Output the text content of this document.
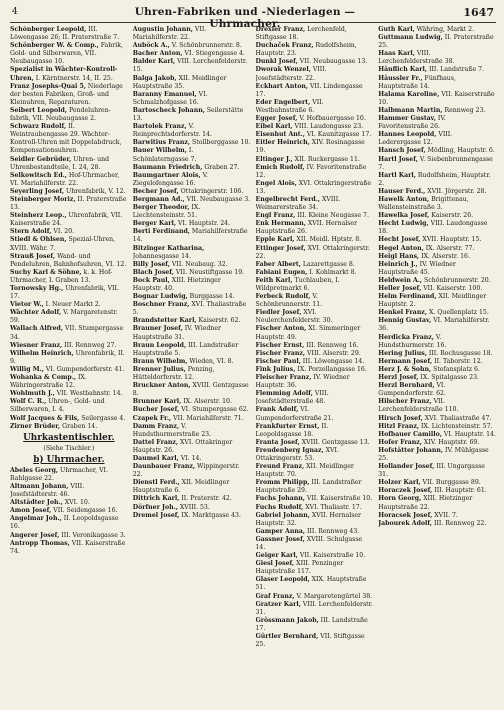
4	Uhren-Fabriken und -Niederlagen — Uhrmacher.
1647

Schönberger Leopold, III. Löwengasse 26; II. Praterstraße 7.

Schönberger W. & Comp., Fabrik, Gold- und Silberwaren, VII. Neubaugasse 10.

Spezialist in Wächter-Kontroll-Uhren, I. Kärntnerstr. 14, II. 25.

Franz Josephs-Quai 5, Niederlage der besten Fabriken, Groß- und Kleinuhren, Reparaturen.

Seibert Leopold, Pendeluhren-fabrik, VII. Neubaugasse 2.

Schwarz Rudolf, II. Weintraubengasse 29. Wächter-Kontroll-Uhren mit Doppelabdruck, Kompensationsuhren.

Seidler Gebrüder, Uhren- und Uhrenbestandteile, I. 24, 28.

Selkowitsch Ed., Hof-Uhrmacher, VI. Mariahilferstr. 22.

Seyerling Josef, Uhrenfabrik, V. 12.

Steinberger Moriz, II. Praterstraße 13.

Steinherz Leop., Uhrenfabrik, VII. Kaiserstraße 24.

Stern Adolf, VI. 20.

Stiedl & Ohlsen, Spezial-Uhren, XVIII. Währ. 7.

Strauß Josef, Wand- und Pendeluhren, Bahnhofsuhren, VI. 12.

Suchy Karl & Söhne, k. k. Hof-Uhrmacher, I. Graben 13.

Tornowsky Hg., Uhrenfabrik, VII. 17.

Vietor W., I. Neuer Markt 2.

Wächter Adolf, V. Margaretenstr. 59.

Wallach Alfred, VII. Stumpergasse 34.

Wiesner Franz, III. Rennweg 27.

Wilhelm Heinrich, Uhrenfabrik, II. 9.

Willig M., VI. Gumpendorferstr. 41.

Wohanka & Comp., IX. Währingerstraße 12.

Wohlmuth J., VII. Westbahnstr. 14.

Wolf C. R., Uhren-, Gold- und Silberwaren, I. 4.

Wolf Jacques & Fils, Seilergasse 4.

Zirner Brüder, Graben 14.

Uhrkastentischler.
(Siehe Tischler.)
b) Uhrmacher.

Abeles Georg, Uhrmacher, VI. Rahlgasse 22.

Altmann Johann, VIII. Josefstädterstr. 46.

Altstädter Joh., XVI. 10.

Amon Josef, VII. Seidengasse 16.

Angelmar Joh., II. Leopoldsgasse 16.

Angerer Josef, III. Veronikagasse 3.

Antropp Thomas, VII. Kaiserstraße 74.

Augustin Johann, VII. Mariahilferstr. 22.

Auböck A., V. Schönbrunnerstr. 8.

Bacher Anton, VI. Stiegengasse 4.

Balder Karl, VIII. Lerchenfelderstr. 15.

Balga Jakob, XII. Meidlinger Hauptstraße 35.

Baranny Emanuel, VI. Schmalzhofgasse 16.

Bartoscheck Johann, Seilerstätte 13.

Bartolek Franz, V. Reinprechtsdorferstr. 14.

Barwitius Franz, Stollberggasse 10.

Bauer Wilhelm, I. Schönlaterngasse 7.

Baumann Friedrich, Graben 27.

Baumgartner Alois, V. Ziegelofengasse 16.

Becher Josef, Ottakringerstr. 106.

Bergmann Ad., VII. Neubaugasse 3.

Berger Theodor, IX. Liechtensteinstr. 51.

Berger Karl, VI. Hauptstr. 24.

Berti Ferdinand, Mariahilferstraße 14.

Bitzinger Katharina, Johannesgasse 14.

Billy Josef, VII. Neubaug. 32.

Blach Josef, VII. Neustiftgasse 19.

Bock Paul, XIII. Hietzinger Hauptstr. 40.

Bognar Ludwig, Burggasse 14.

Boschner Franz, XVI. Thaliastraße 5.

Brandstetter Karl, Kaiserstr. 62.

Brauner Josef, IV. Wiedner Hauptstraße 31.

Braun Leopold, III. Landstraßer Hauptstraße 5.

Braun Wilhelm, Wieden, VI. 8.

Brenner Julius, Penzing, Hütteldorferstr. 12.

Bruckner Anton, XVIII. Gentzgasse 8.

Brunner Karl, IX. Alserstr. 10.

Bucher Josef, VI. Stumpergasse 62.

Czapek Fr., VII. Mariahilferstr. 71.

Damm Franz, V. Hundsthurmerstraße 23.

Dattel Franz, XVI. Ottakringer Hauptstr. 26.

Daumel Karl, VI. 14.

Daunbauer Franz, Wippingerstr. 22.

Dienstl Ferd., XII. Meidlinger Hauptstraße 6.

Dittrich Karl, II. Praterstr. 42.

Dörfner Joh., XVIII. 53.

Dremel Josef, IX. Marktgasse 43.

Drexler Franz, Lerchenfeld, Stiftgasse 18.

Duchaček Franz, Rudolfsheim, Hauptstr. 23.

Dunkl Josef, VII. Neubaugasse 13.

Dworak Wenzel, VIII. Josefstädterstr. 22.

Eckhart Anton, VII. Lindengasse 17.

Eder Engelbert, VII. Westbahnstraße 6.

Egger Josef, V. Hofbauergasse 10.

Eibel Karl, VIII. Laudongasse 23.

Eisenhut Ant., VI. Kaunitzgasse 17.

Eitler Heinrich, XIV. Rosinagasse 19.

Eltinger J., XII. Ruckergasse 11.

Emich Rudolf, IV. Favoritenstraße 12.

Engel Alois, XVI. Ottakringerstraße 13.

Engelbrecht Ferd., XVIII. Weimarerstraße 34.

Engl Franz, III. Kleine Neugasse 7.

Enk Hermann, XVII. Hernalser Hauptstraße 26.

Epple Karl, XII. Meidl. Hptstr. 8.

Ettinger Josef, XVI. Ottakringerstr. 22.

Faber Albert, Lazarettgasse 8.

Fabiani Eugen, I. Kohlmarkt 8.

Feith Karl, Tuchlauben, I. Wildpretmarkt 6.

Ferbeck Rudolf, V. Schönbrunnerstr. 11.

Fiedler Josef, XVI. Neulerchenfelderstr. 30.

Fischer Anton, XI. Simmeringer Hauptstr. 49.

Fischer Ernst, III. Rennweg 16.

Fischer Franz, VIII. Alserstr. 29.

Fischer Paul, III. Löwengasse 14.

Fink Julius, IX. Porzellangasse 16.

Fleischer Franz, IV. Wiedner Hauptstr. 36.

Flemming Adolf, VIII. Josefstädterstraße 48.

Frank Adolf, VI. Gumpendorferstraße 21.

Frankfurter Ernst, II. Leopoldsgasse 18.

Franta Josef, XVIII. Gentzgasse 13.

Freudenberg Ignaz, XVI. Ottakringerstr. 53.

Freund Franz, XII. Meidlinger Hauptstr. 70.

Fromm Philipp, III. Landstraßer Hauptstraße 29.

Fuchs Johann, VII. Kaiserstraße 10.

Fuchs Rudolf, XVI. Thaliastr. 17.

Gabriel Johann, XVII. Hernalser Hauptstr. 32.

Gamper Anna, III. Rennweg 43.

Gassner Josef, XVIII. Schulgasse 14.

Geiger Karl, VII. Kaiserstraße 10.

Giesl Josef, XIII. Penzinger Hauptstraße 117.

Glaser Leopold, XIX. Hauptstraße 51.

Graf Franz, V. Margaretengürtel 38.

Gratzer Karl, VIII. Lerchenfelderstr. 31.

Grössmann Jakob, III. Landstraße 17.

Gürtler Bernhard, VII. Stiftgasse 25.

Guth Karl, Währing, Markt 2.

Guttmann Ludwig, II. Praterstraße 25.

Haas Karl, VIII. Lerchenfelderstraße 38.

Hänflich Karl, III. Landstraße 7.

Häussler Fr., Fünfhaus, Hauptstraße 14.

Halama Karoline, VII. Kaiserstraße 10.

Halbmann Martin, Rennweg 23.

Hammer Gustav, IV. Favoritenstraße 26.

Hannes Leopold, VIII. Lederergasse 12.

Hansch Josef, Mödling, Hauptstr. 6.

Hartl Josef, V. Siebenbrunnengasse 7.

Hartl Karl, Rudolfsheim, Hauptstr. 2.

Hauser Ferd., XVII. Jörgerstr. 28.

Hawelk Anton, Brigittenau, Wallensteinstraße 3.

Hawelka Josef, Kaiserstr. 26.

Hecht Ludwig, VIII. Laudongasse 18.

Hecht Josef, XVII. Hauptstr. 15.

Hegel Anton, IX. Alserstr. 77.

Heigl Hans, IX. Alserstr. 16.

Heinrich J., IV. Wiedner Hauptstraße 45.

Heldwein A., Schönbrunnerstr. 20.

Heller Josef, VII. Kaiserstr. 100.

Helm Ferdinand, XII. Meidlinger Hauptstr. 2.

Henkel Franz, X. Quellenplatz 15.

Hennig Gustav, VI. Mariahilferstr. 36.

Herdicka Franz, V. Hundsthurmerstr. 16.

Hering Julius, III. Rochusgasse 18.

Hermann Josef, II. Taborstr. 12.

Herz J. & Sohn, Stefansplatz 6.

Herzl Josef, IX. Spitalgasse 23.

Herzl Bernhard, VI. Gumpendorferstr. 62.

Hilscher Franz, VII. Lerchenfelderstraße 110.

Hirsch Josef, XVI. Thaliastraße 47.

Hitzl Franz, IX. Lichtensteinstr. 57.

Hofbauer Camillo, VI. Hauptstr. 14.

Hofer Franz, XIV. Hauptstr. 69.

Hofstätter Johann, IV. Mühlgasse 25.

Hollander Josef, III. Ungargasse 31.

Holzer Karl, VII. Burggasse 89.

Horaczek Josef, III. Hauptstr. 61.

Horn Georg, XIII. Hietzinger Hauptstraße 22.

Horacsek Josef, XVII. 7.

Jabourek Adolf, III. Rennweg 22.
